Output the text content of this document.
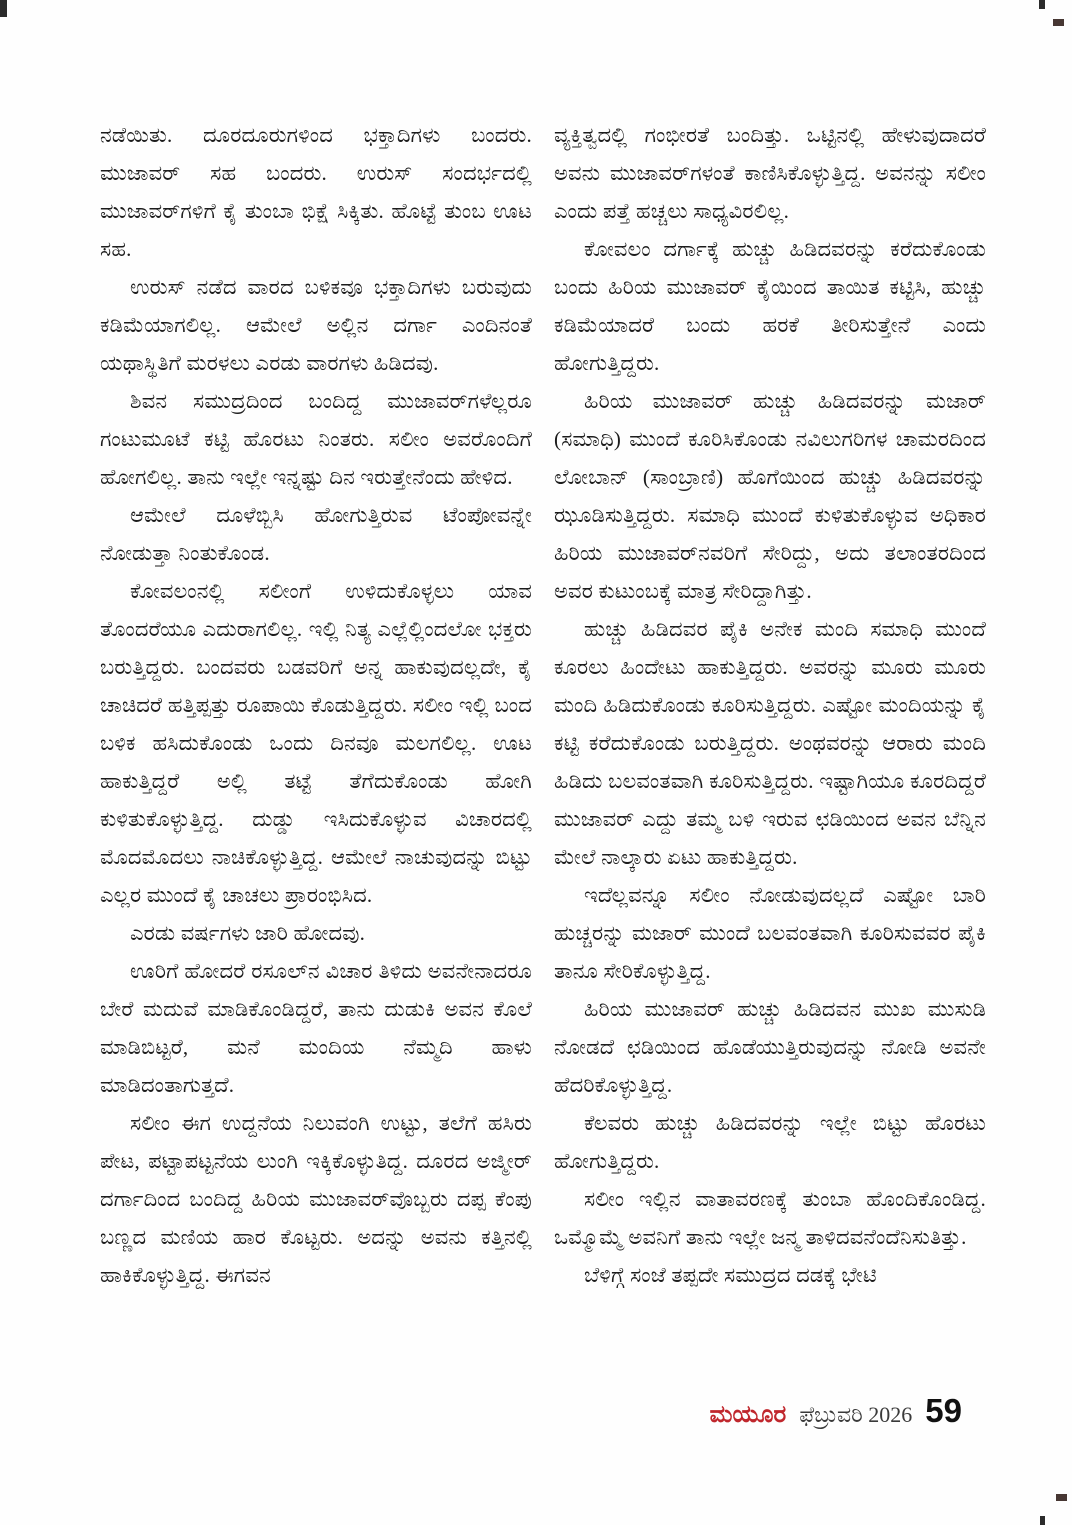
ನಡೆಯಿತು. ದೂರದೂರುಗಳಿಂದ ಭಕ್ತಾದಿಗಳು ಬಂದರು. ಮುಜಾವರ್ ಸಹ ಬಂದರು. ಉರುಸ್ ಸಂದರ್ಭದಲ್ಲಿ ಮುಜಾವರ್‌ಗಳಿಗೆ ಕೈ ತುಂಬಾ ಭಿಕ್ಷೆ ಸಿಕ್ಕಿತು. ಹೊಟ್ಟೆ ತುಂಬ ಊಟ ಸಹ.

ಉರುಸ್ ನಡೆದ ವಾರದ ಬಳಿಕವೂ ಭಕ್ತಾದಿಗಳು ಬರುವುದು ಕಡಿಮೆಯಾಗಲಿಲ್ಲ. ಆಮೇಲೆ ಅಲ್ಲಿನ ದರ್ಗಾ ಎಂದಿನಂತೆ ಯಥಾಸ್ಥಿತಿಗೆ ಮರಳಲು ಎರಡು ವಾರಗಳು ಹಿಡಿದವು.

ಶಿವನ ಸಮುದ್ರದಿಂದ ಬಂದಿದ್ದ ಮುಜಾವರ್‌ಗಳೆಲ್ಲರೂ ಗಂಟುಮೂಟೆ ಕಟ್ಟಿ ಹೊರಟು ನಿಂತರು. ಸಲೀಂ ಅವರೊಂದಿಗೆ ಹೋಗಲಿಲ್ಲ. ತಾನು ಇಲ್ಲೇ ಇನ್ನಷ್ಟು ದಿನ ಇರುತ್ತೇನೆಂದು ಹೇಳಿದ.

ಆಮೇಲೆ ದೂಳೆಬ್ಬಿಸಿ ಹೋಗುತ್ತಿರುವ ಟೆಂಪೋವನ್ನೇ ನೋಡುತ್ತಾ ನಿಂತುಕೊಂಡ.

ಕೋವಲಂನಲ್ಲಿ ಸಲೀಂಗೆ ಉಳಿದುಕೊಳ್ಳಲು ಯಾವ ತೊಂದರೆಯೂ ಎದುರಾಗಲಿಲ್ಲ. ಇಲ್ಲಿ ನಿತ್ಯ ಎಲ್ಲೆಲ್ಲಿಂದಲೋ ಭಕ್ತರು ಬರುತ್ತಿದ್ದರು. ಬಂದವರು ಬಡವರಿಗೆ ಅನ್ನ ಹಾಕುವುದಲ್ಲದೇ, ಕೈ ಚಾಚಿದರೆ ಹತ್ತಿಪ್ಪತ್ತು ರೂಪಾಯಿ ಕೊಡುತ್ತಿದ್ದರು. ಸಲೀಂ ಇಲ್ಲಿ ಬಂದ ಬಳಿಕ ಹಸಿದುಕೊಂಡು ಒಂದು ದಿನವೂ ಮಲಗಲಿಲ್ಲ. ಊಟ ಹಾಕುತ್ತಿದ್ದರೆ ಅಲ್ಲಿ ತಟ್ಟೆ ತೆಗೆದುಕೊಂಡು ಹೋಗಿ ಕುಳಿತುಕೊಳ್ಳುತ್ತಿದ್ದ. ದುಡ್ಡು ಇಸಿದುಕೊಳ್ಳುವ ವಿಚಾರದಲ್ಲಿ ಮೊದಮೊದಲು ನಾಚಿಕೊಳ್ಳುತ್ತಿದ್ದ. ಆಮೇಲೆ ನಾಚುವುದನ್ನು ಬಿಟ್ಟು ಎಲ್ಲರ ಮುಂದೆ ಕೈ ಚಾಚಲು ಪ್ರಾರಂಭಿಸಿದ.

ಎರಡು ವರ್ಷಗಳು ಜಾರಿ ಹೋದವು.

ಊರಿಗೆ ಹೋದರೆ ರಸೂಲ್‌ನ ವಿಚಾರ ತಿಳಿದು ಅವನೇನಾದರೂ ಬೇರೆ ಮದುವೆ ಮಾಡಿಕೊಂಡಿದ್ದರೆ, ತಾನು ದುಡುಕಿ ಅವನ ಕೊಲೆ ಮಾಡಿಬಿಟ್ಟರೆ, ಮನೆ ಮಂದಿಯ ನೆಮ್ಮದಿ ಹಾಳು ಮಾಡಿದಂತಾಗುತ್ತದೆ.

ಸಲೀಂ ಈಗ ಉದ್ದನೆಯ ನಿಲುವಂಗಿ ಉಟ್ಟು, ತಲೆಗೆ ಹಸಿರು ಪೇಟ, ಪಟ್ಟಾಪಟ್ಟನೆಯ ಲುಂಗಿ ಇಕ್ಕಿಕೊಳ್ಳುತಿದ್ದ. ದೂರದ ಅಜ್ಮೀರ್ ದರ್ಗಾದಿಂದ ಬಂದಿದ್ದ ಹಿರಿಯ ಮುಜಾವರ್‌ವೊಬ್ಬರು ದಪ್ಪ ಕೆಂಪು ಬಣ್ಣದ ಮಣಿಯ ಹಾರ ಕೊಟ್ಟರು. ಅದನ್ನು ಅವನು ಕತ್ತಿನಲ್ಲಿ ಹಾಕಿಕೊಳ್ಳುತ್ತಿದ್ದ. ಈಗವನ

ವ್ಯಕ್ತಿತ್ವದಲ್ಲಿ ಗಂಭೀರತೆ ಬಂದಿತ್ತು. ಒಟ್ಟಿನಲ್ಲಿ ಹೇಳುವುದಾದರೆ ಅವನು ಮುಜಾವರ್‌ಗಳಂತೆ ಕಾಣಿಸಿಕೊಳ್ಳುತ್ತಿದ್ದ. ಅವನನ್ನು ಸಲೀಂ ಎಂದು ಪತ್ತೆ ಹಚ್ಚಲು ಸಾಧ್ಯವಿರಲಿಲ್ಲ.

ಕೋವಲಂ ದರ್ಗಾಕ್ಕೆ ಹುಚ್ಚು ಹಿಡಿದವರನ್ನು ಕರೆದುಕೊಂಡು ಬಂದು ಹಿರಿಯ ಮುಜಾವರ್ ಕೈಯಿಂದ ತಾಯಿತ ಕಟ್ಟಿಸಿ, ಹುಚ್ಚು ಕಡಿಮೆಯಾದರೆ ಬಂದು ಹರಕೆ ತೀರಿಸುತ್ತೇನೆ ಎಂದು ಹೋಗುತ್ತಿದ್ದರು.

ಹಿರಿಯ ಮುಜಾವರ್ ಹುಚ್ಚು ಹಿಡಿದವರನ್ನು ಮಜಾರ್ (ಸಮಾಧಿ) ಮುಂದೆ ಕೂರಿಸಿಕೊಂಡು ನವಿಲುಗರಿಗಳ ಚಾಮರದಿಂದ ಲೋಬಾನ್ (ಸಾಂಬ್ರಾಣಿ) ಹೊಗೆಯಿಂದ ಹುಚ್ಚು ಹಿಡಿದವರನ್ನು ಝೂಡಿಸುತ್ತಿದ್ದರು. ಸಮಾಧಿ ಮುಂದೆ ಕುಳಿತುಕೊಳ್ಳುವ ಅಧಿಕಾರ ಹಿರಿಯ ಮುಜಾವರ್‌ನವರಿಗೆ ಸೇರಿದ್ದು, ಅದು ತಲಾಂತರದಿಂದ ಅವರ ಕುಟುಂಬಕ್ಕೆ ಮಾತ್ರ ಸೇರಿದ್ದಾಗಿತ್ತು.

ಹುಚ್ಚು ಹಿಡಿದವರ ಪೈಕಿ ಅನೇಕ ಮಂದಿ ಸಮಾಧಿ ಮುಂದೆ ಕೂರಲು ಹಿಂದೇಟು ಹಾಕುತ್ತಿದ್ದರು. ಅವರನ್ನು ಮೂರು ಮೂರು ಮಂದಿ ಹಿಡಿದುಕೊಂಡು ಕೂರಿಸುತ್ತಿದ್ದರು. ಎಷ್ಟೋ ಮಂದಿಯನ್ನು ಕೈ ಕಟ್ಟಿ ಕರೆದುಕೊಂಡು ಬರುತ್ತಿದ್ದರು. ಅಂಥವರನ್ನು ಆರಾರು ಮಂದಿ ಹಿಡಿದು ಬಲವಂತವಾಗಿ ಕೂರಿಸುತ್ತಿದ್ದರು. ಇಷ್ಟಾಗಿಯೂ ಕೂರದಿದ್ದರೆ ಮುಜಾವರ್ ಎದ್ದು ತಮ್ಮ ಬಳಿ ಇರುವ ಛಡಿಯಿಂದ ಅವನ ಬೆನ್ನಿನ ಮೇಲೆ ನಾಲ್ಕಾರು ಏಟು ಹಾಕುತ್ತಿದ್ದರು.

ಇದೆಲ್ಲವನ್ನೂ ಸಲೀಂ ನೋಡುವುದಲ್ಲದೆ ಎಷ್ಟೋ ಬಾರಿ ಹುಚ್ಚರನ್ನು ಮಜಾರ್ ಮುಂದೆ ಬಲವಂತವಾಗಿ ಕೂರಿಸುವವರ ಪೈಕಿ ತಾನೂ ಸೇರಿಕೊಳ್ಳುತ್ತಿದ್ದ.

ಹಿರಿಯ ಮುಜಾವರ್ ಹುಚ್ಚು ಹಿಡಿದವನ ಮುಖ ಮುಸುಡಿ ನೋಡದೆ ಛಡಿಯಿಂದ ಹೊಡೆಯುತ್ತಿರುವುದನ್ನು ನೋಡಿ ಅವನೇ ಹೆದರಿಕೊಳ್ಳುತ್ತಿದ್ದ.

ಕೆಲವರು ಹುಚ್ಚು ಹಿಡಿದವರನ್ನು ಇಲ್ಲೇ ಬಿಟ್ಟು ಹೊರಟು ಹೋಗುತ್ತಿದ್ದರು.

ಸಲೀಂ ಇಲ್ಲಿನ ವಾತಾವರಣಕ್ಕೆ ತುಂಬಾ ಹೊಂದಿಕೊಂಡಿದ್ದ. ಒಮ್ಮೊಮ್ಮೆ ಅವನಿಗೆ ತಾನು ಇಲ್ಲೇ ಜನ್ಮ ತಾಳಿದವನೆಂದೆನಿಸುತಿತ್ತು.

ಬೆಳಿಗ್ಗೆ ಸಂಜೆ ತಪ್ಪದೇ ಸಮುದ್ರದ ದಡಕ್ಕೆ ಭೇಟಿ

ಮಯೂರ ಫೆಬ್ರುವರಿ 2026 59
